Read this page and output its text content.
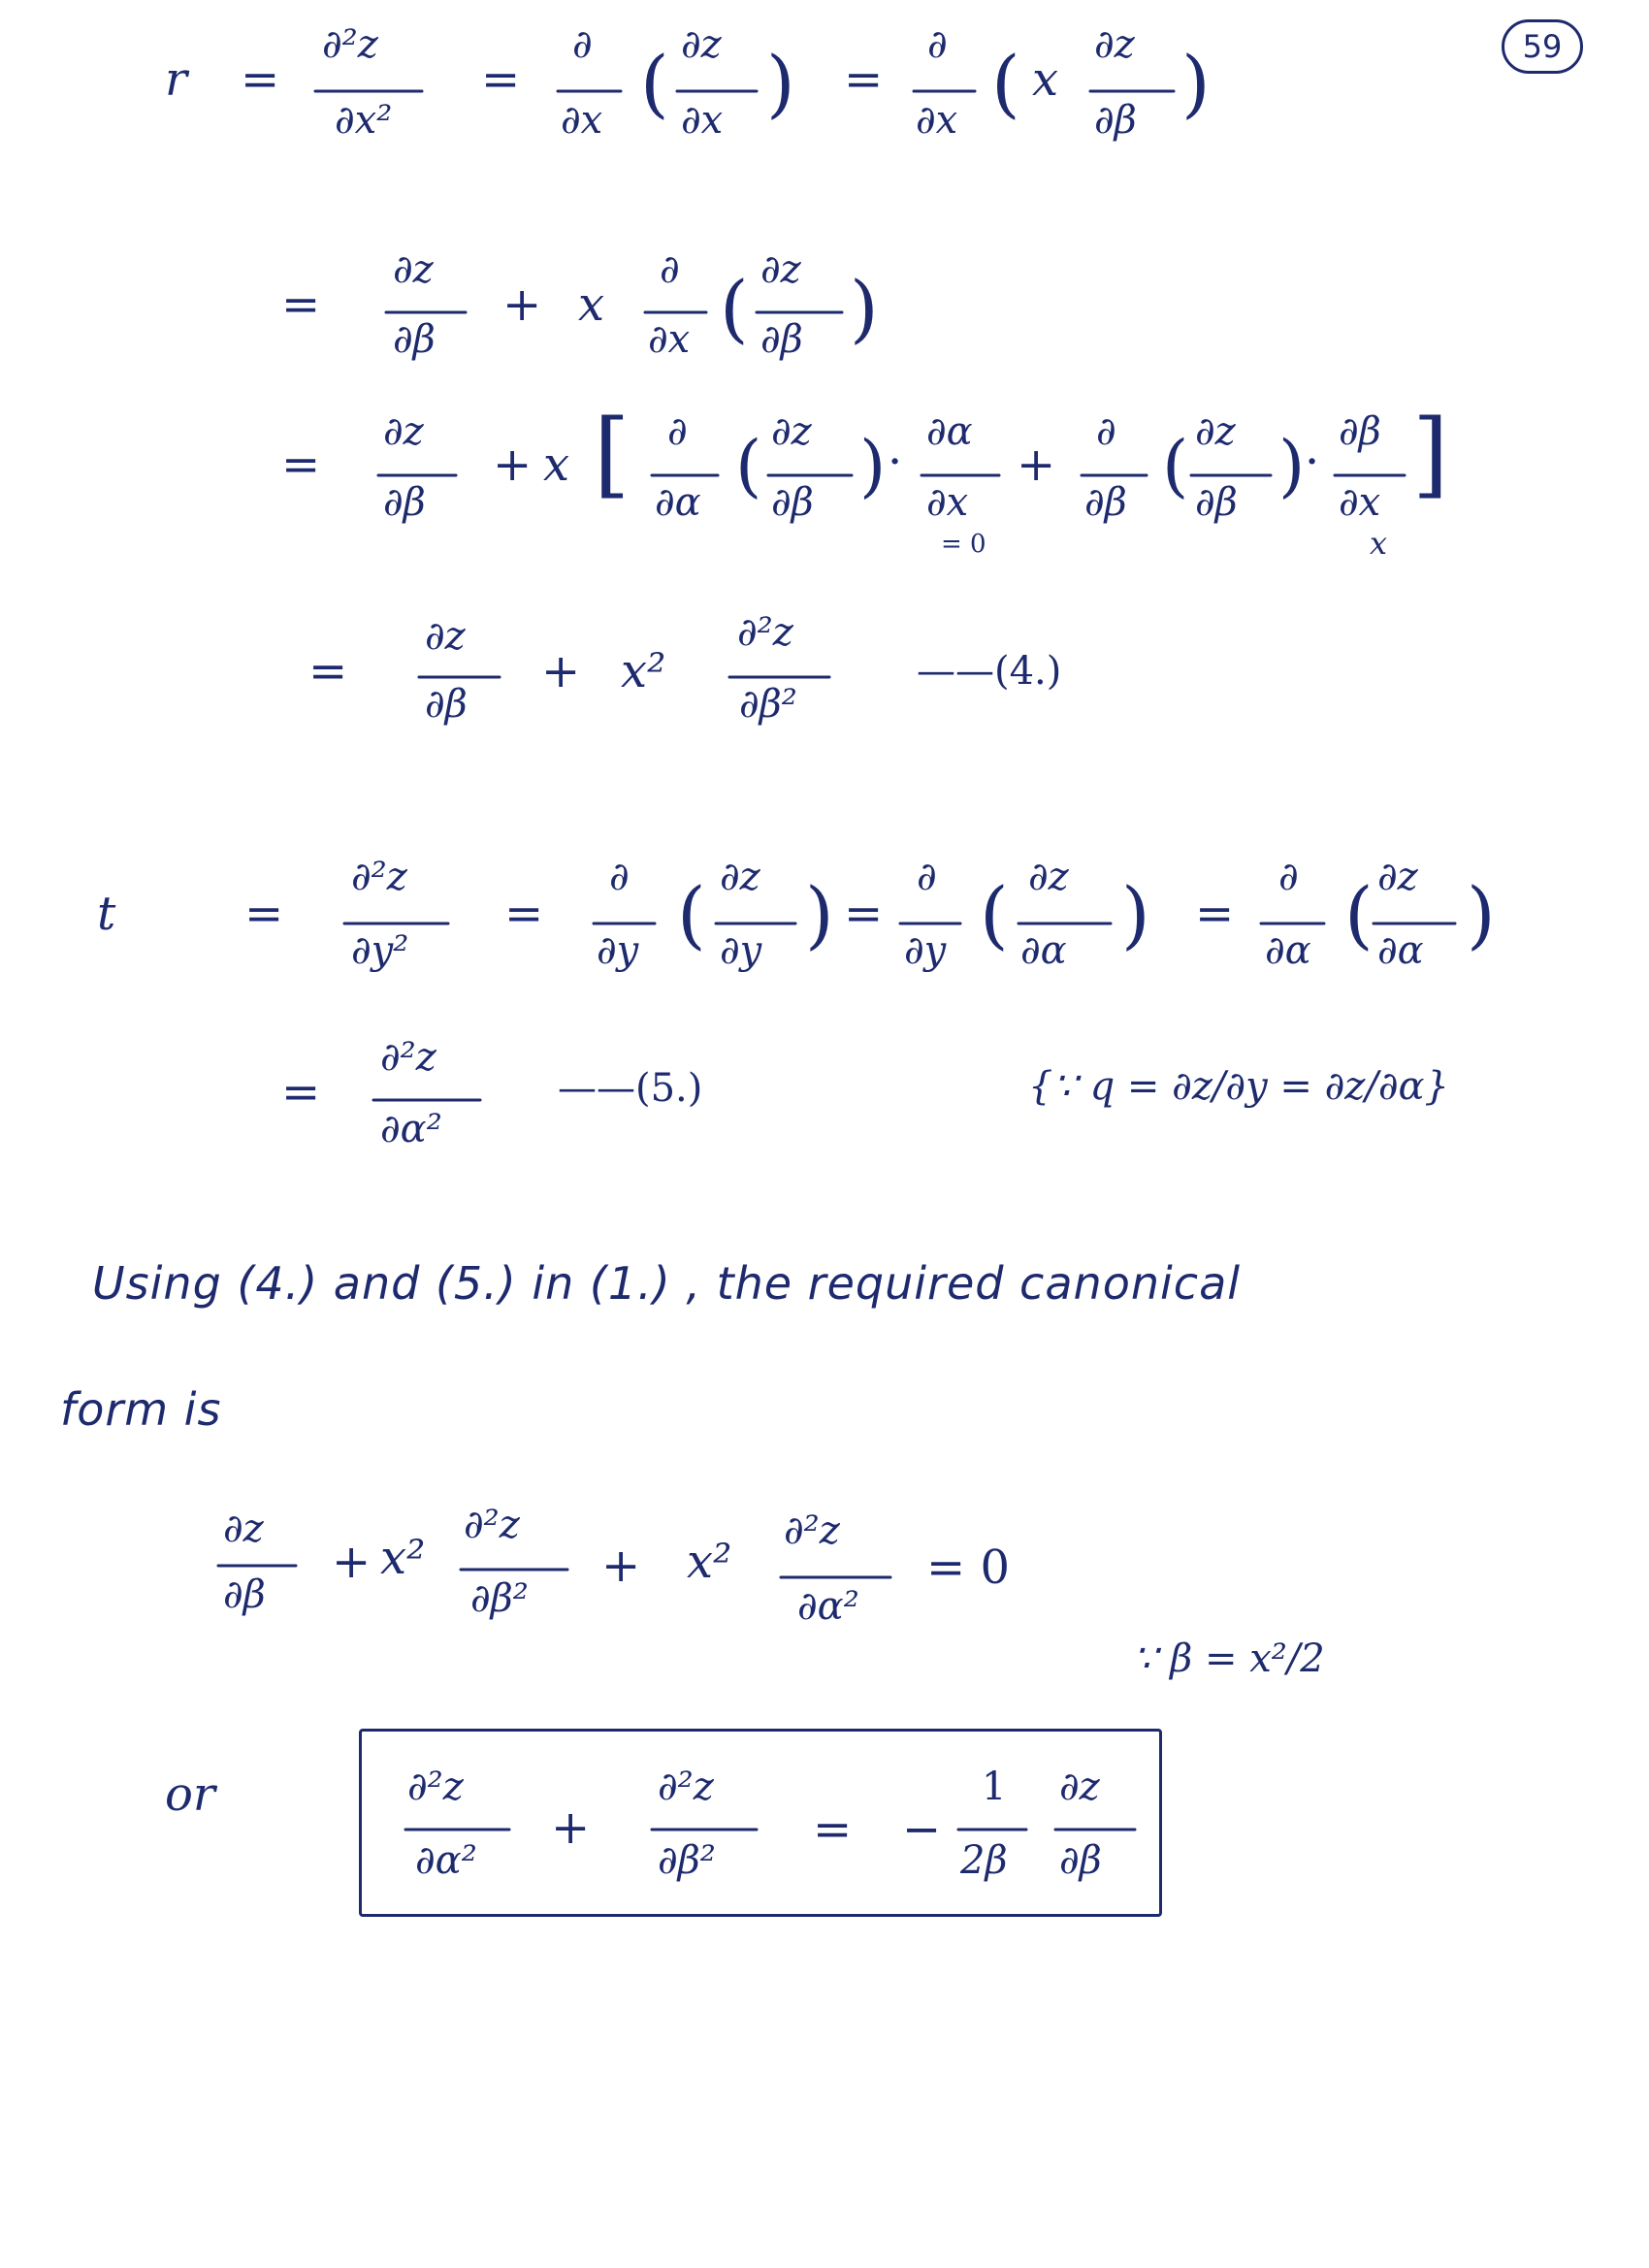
59
r =
∂²z
∂x²
=
∂
∂x ( ∂z
∂x ) =
∂
∂x ( x
∂z
∂β )
=
∂z
∂β
+ x
∂
∂x ( ∂z
∂β )
=
∂z
∂β
+ x [ ∂
∂α ( ∂z
∂β ) ·
∂α
∂x
= 0
+
∂
∂β ( ∂z
∂β ) ·
∂β
∂x ]
x
=
∂z
∂β
+ x²
∂²z
∂β²
——(4.)
t	=
∂²z
∂y²
=
∂
∂y ( ∂z
∂y ) =
∂
∂y ( ∂z
∂α ) =
∂
∂α ( ∂z
∂α )
=
∂²z
∂α²
——(5.)	{∵ q = ∂z/∂y = ∂z/∂α}
Using (4.) and (5.) in (1.) , the required canonical
form is
∂z
∂β
+ x²
∂²z
∂β²
+ x²
∂²z
∂α²
= 0
∵ β = x²/2
or	∂²z
∂α²
+
∂²z
∂β²
= −
1
2β
∂z
∂β
